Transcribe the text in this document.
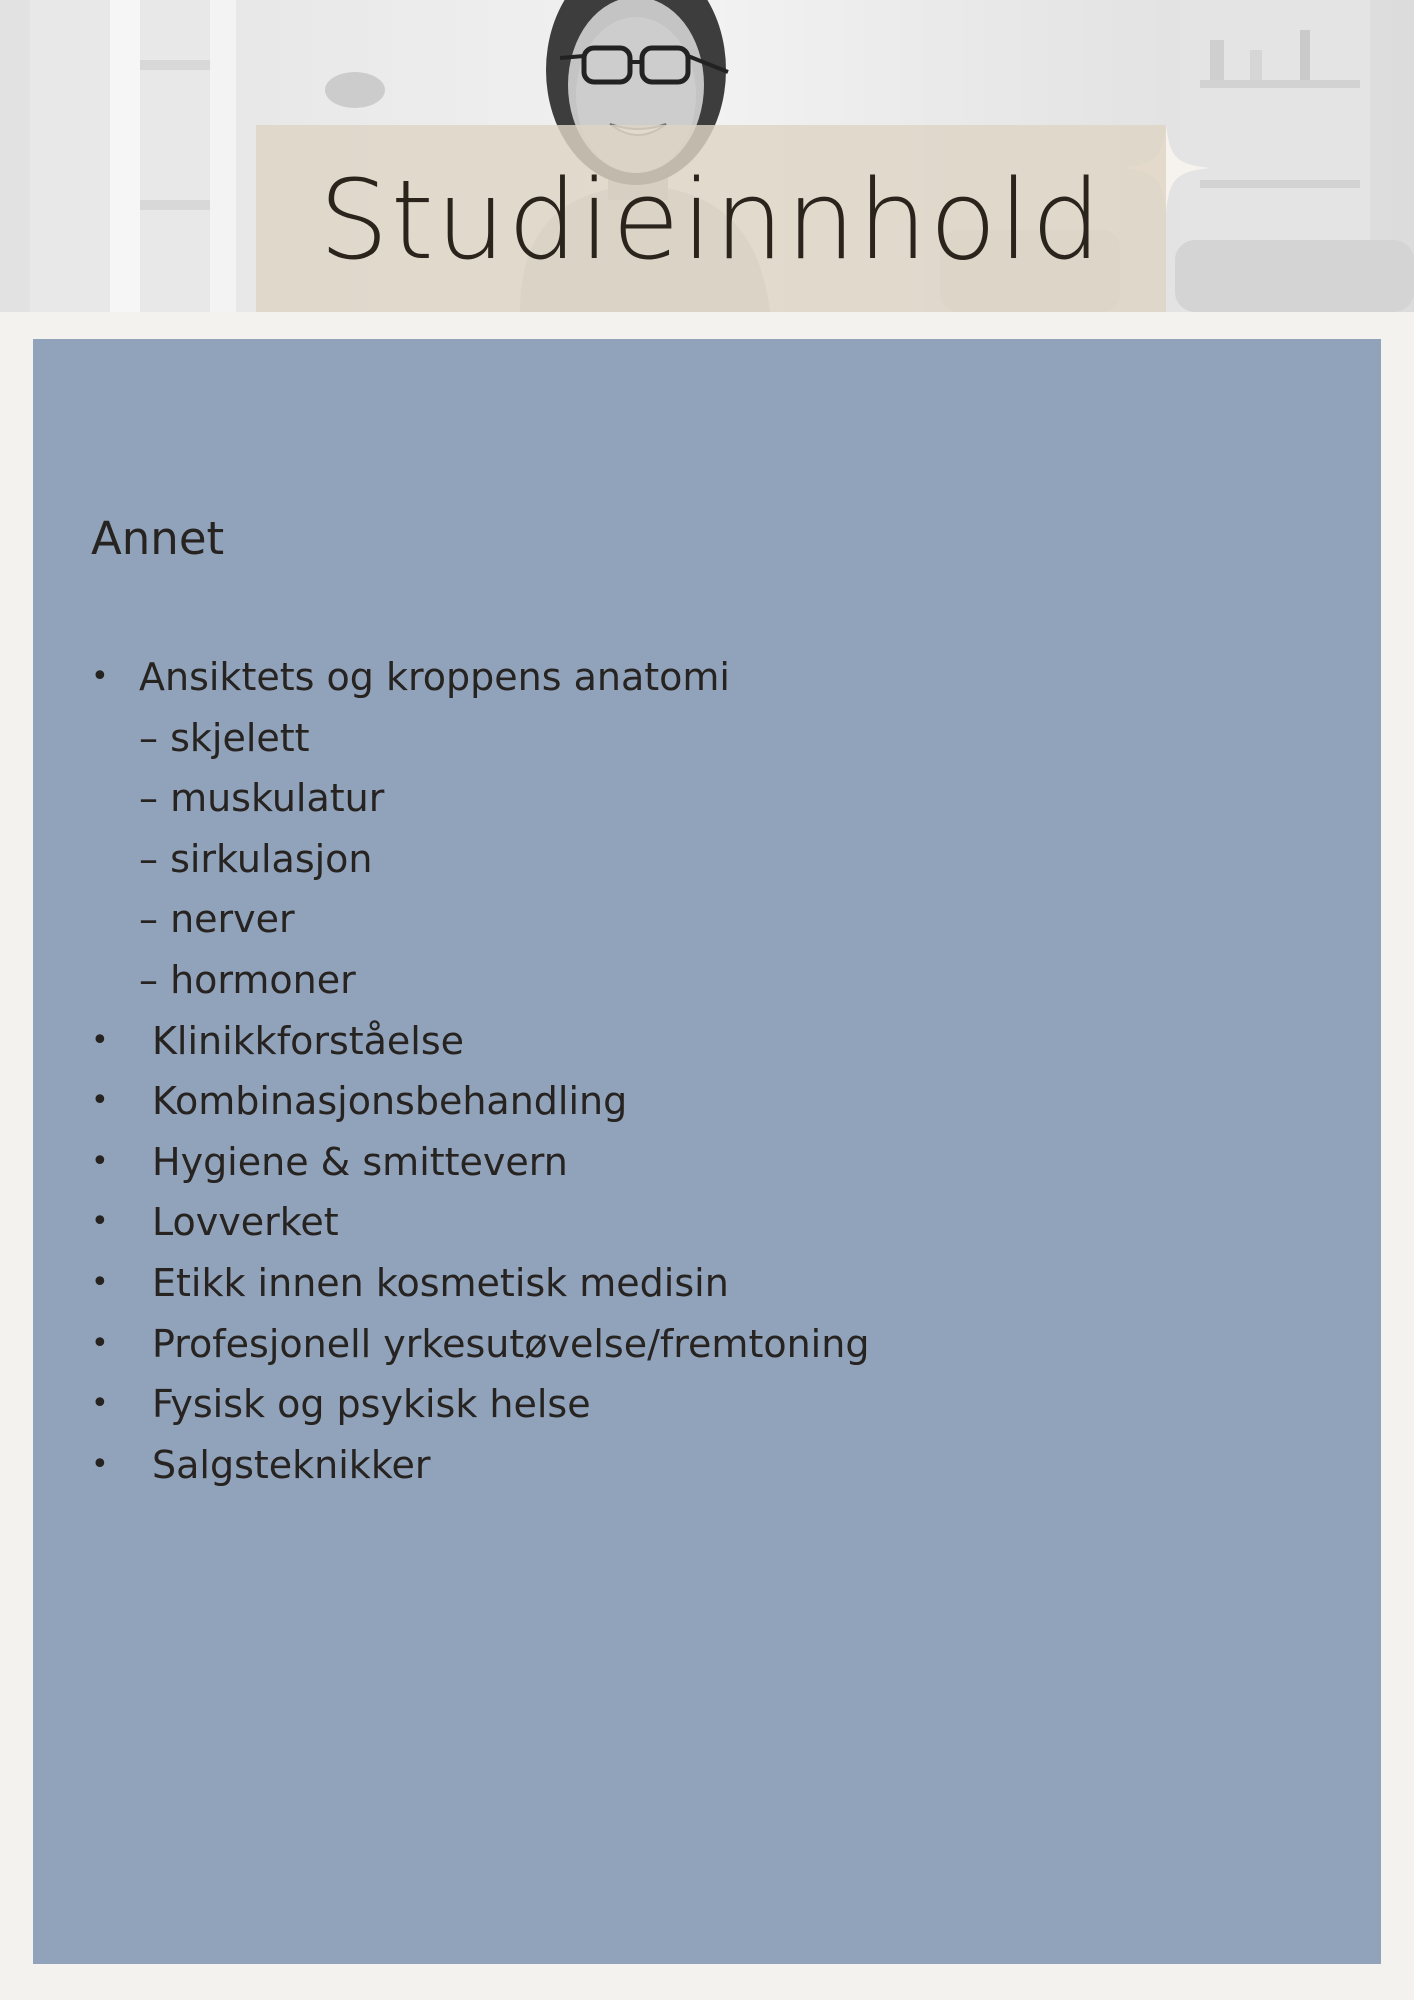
Studieinnhold
Annet
• Ansiktets og kroppens anatomi
– skjelett
– muskulatur
– sirkulasjon
– nerver
– hormoner
• Klinikkforståelse
• Kombinasjonsbehandling
• Hygiene & smittevern
• Lovverket
• Etikk innen kosmetisk medisin
• Profesjonell yrkesutøvelse/fremtoning
• Fysisk og psykisk helse
• Salgsteknikker
